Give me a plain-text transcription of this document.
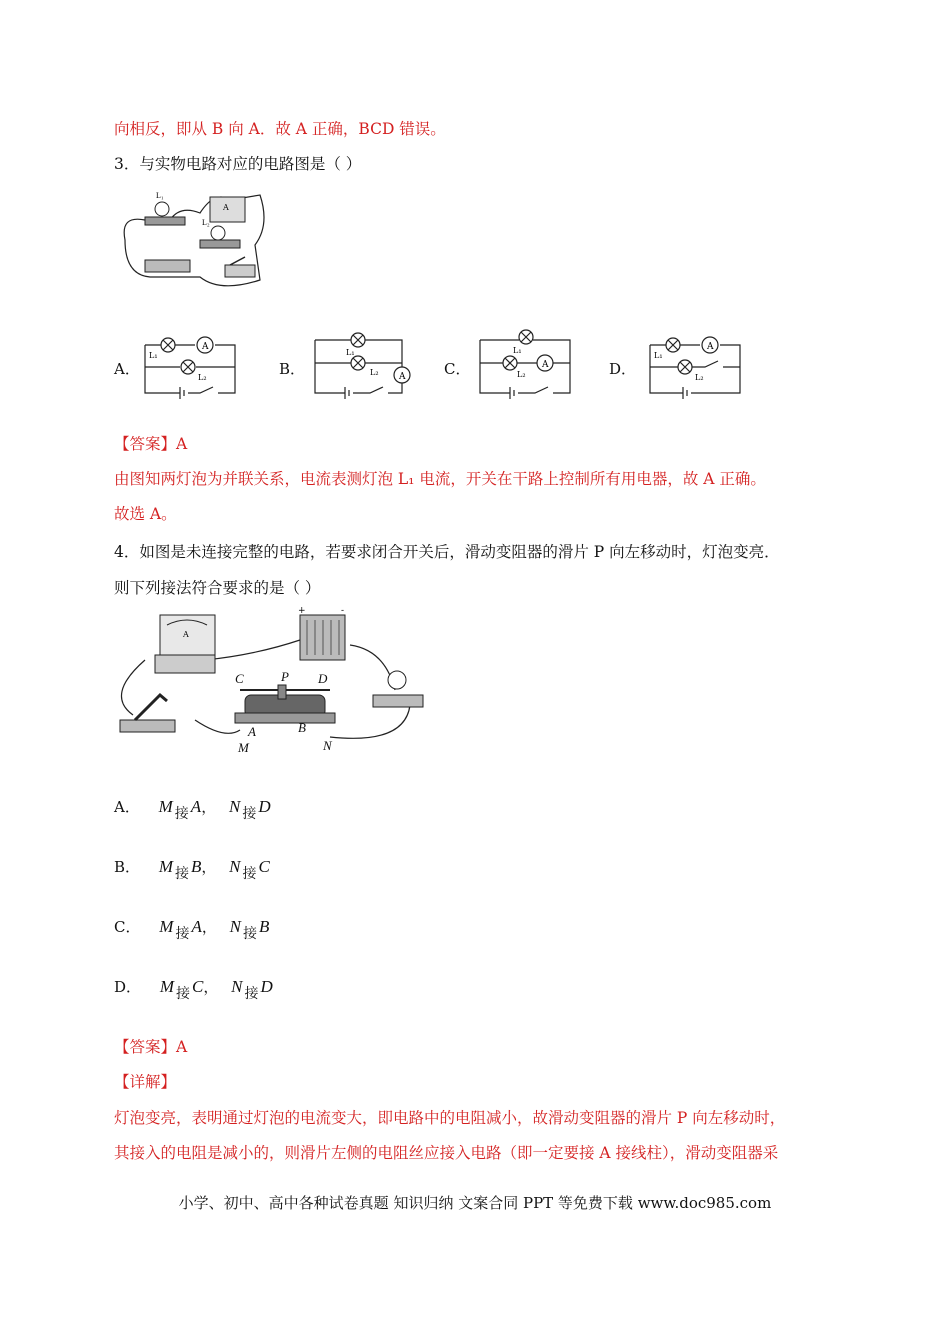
向相反，即从 B 向 A．故 A 正确，BCD 错误。
3．与实物电路对应的电路图是（ ）
L₁
L₂
A
A．	B．	C．	D．
A
L₁
L₂	A
L₁
L₂
A
L₁
L₂
A
L₁
L₂
【答案】A
由图知两灯泡为并联关系，电流表测灯泡 L₁ 电流，开关在干路上控制所有用电器，故 A 正确。
故选 A。
4．如图是未连接完整的电路，若要求闭合开关后，滑动变阻器的滑片 P 向左移动时，灯泡变亮．
则下列接法符合要求的是（ ）
A
+	-
C	P D
A	B
M	N
A． M 接 A， N 接 D
B． M 接 B， N 接 C
C． M 接 A， N 接 B
D． M 接 C， N 接 D
【答案】A
【详解】
灯泡变亮，表明通过灯泡的电流变大，即电路中的电阻减小，故滑动变阻器的滑片 P 向左移动时，
其接入的电阻是减小的，则滑片左侧的电阻丝应接入电路（即一定要接 A 接线柱），滑动变阻器采
小学、初中、高中各种试卷真题 知识归纳 文案合同 PPT 等免费下载 www.doc985.com
